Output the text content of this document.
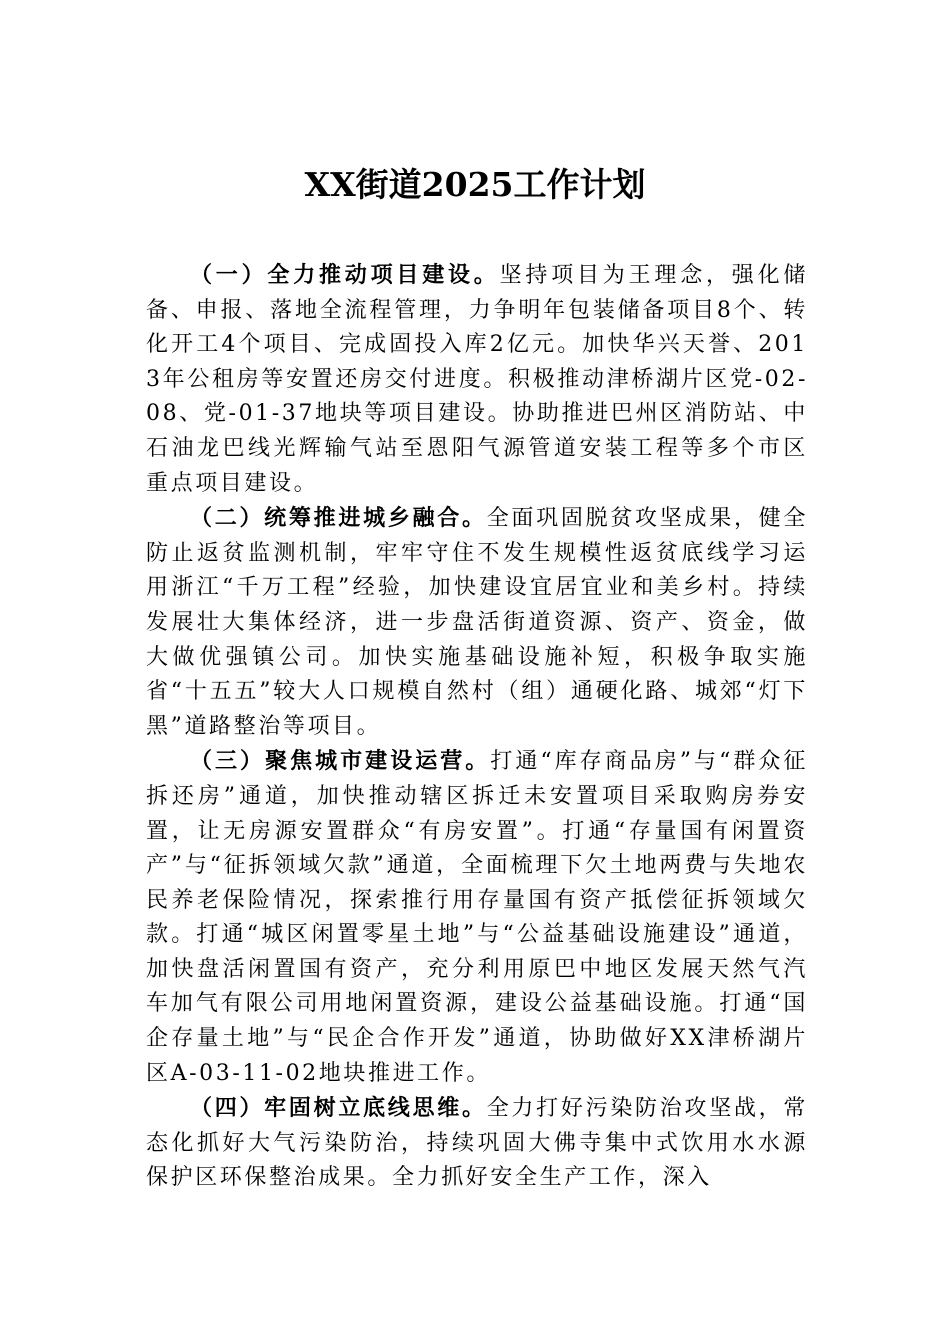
XX街道2025工作计划

（一）全力推动项目建设。坚持项目为王理念，强化储备、申报、落地全流程管理，力争明年包装储备项目8个、转化开工4个项目、完成固投入库2亿元。加快华兴天誉、2013年公租房等安置还房交付进度。积极推动津桥湖片区党-02-08、党-01-37地块等项目建设。协助推进巴州区消防站、中石油龙巴线光辉输气站至恩阳气源管道安装工程等多个市区重点项目建设。

（二）统筹推进城乡融合。全面巩固脱贫攻坚成果，健全防止返贫监测机制，牢牢守住不发生规模性返贫底线学习运用浙江“千万工程”经验，加快建设宜居宜业和美乡村。持续发展壮大集体经济，进一步盘活街道资源、资产、资金，做大做优强镇公司。加快实施基础设施补短，积极争取实施省“十五五”较大人口规模自然村（组）通硬化路、城郊“灯下黑”道路整治等项目。

（三）聚焦城市建设运营。打通“库存商品房”与“群众征拆还房”通道，加快推动辖区拆迁未安置项目采取购房券安置，让无房源安置群众“有房安置”。打通“存量国有闲置资产”与“征拆领域欠款”通道，全面梳理下欠土地两费与失地农民养老保险情况，探索推行用存量国有资产抵偿征拆领域欠款。打通“城区闲置零星土地”与“公益基础设施建设”通道，加快盘活闲置国有资产，充分利用原巴中地区发展天然气汽车加气有限公司用地闲置资源，建设公益基础设施。打通“国企存量土地”与“民企合作开发”通道，协助做好XX津桥湖片区A-03-11-02地块推进工作。

（四）牢固树立底线思维。全力打好污染防治攻坚战，常态化抓好大气污染防治，持续巩固大佛寺集中式饮用水水源保护区环保整治成果。全力抓好安全生产工作，深入
